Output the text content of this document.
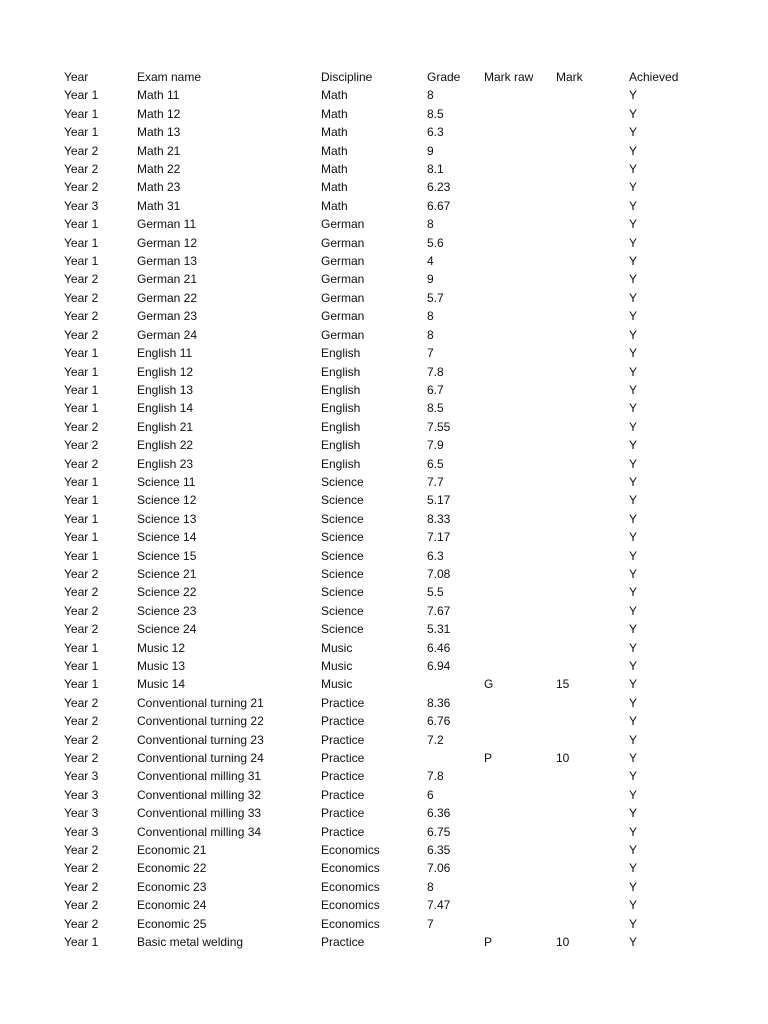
Year	Exam name	Discipline	Grade	Mark raw	Mark	Achieved
Year 1	Math 11	Math	8			Y
Year 1	Math 12	Math	8.5			Y
Year 1	Math 13	Math	6.3			Y
Year 2	Math 21	Math	9			Y
Year 2	Math 22	Math	8.1			Y
Year 2	Math 23	Math	6.23			Y
Year 3	Math 31	Math	6.67			Y
Year 1	German 11	German	8			Y
Year 1	German 12	German	5.6			Y
Year 1	German 13	German	4			Y
Year 2	German 21	German	9			Y
Year 2	German 22	German	5.7			Y
Year 2	German 23	German	8			Y
Year 2	German 24	German	8			Y
Year 1	English 11	English	7			Y
Year 1	English 12	English	7.8			Y
Year 1	English 13	English	6.7			Y
Year 1	English 14	English	8.5			Y
Year 2	English 21	English	7.55			Y
Year 2	English 22	English	7.9			Y
Year 2	English 23	English	6.5			Y
Year 1	Science 11	Science	7.7			Y
Year 1	Science 12	Science	5.17			Y
Year 1	Science 13	Science	8.33			Y
Year 1	Science 14	Science	7.17			Y
Year 1	Science 15	Science	6.3			Y
Year 2	Science 21	Science	7.08			Y
Year 2	Science 22	Science	5.5			Y
Year 2	Science 23	Science	7.67			Y
Year 2	Science 24	Science	5.31			Y
Year 1	Music 12	Music	6.46			Y
Year 1	Music 13	Music	6.94			Y
Year 1	Music 14	Music		G	15	Y
Year 2	Conventional turning 21	Practice	8.36			Y
Year 2	Conventional turning 22	Practice	6.76			Y
Year 2	Conventional turning 23	Practice	7.2			Y
Year 2	Conventional turning 24	Practice		P	10	Y
Year 3	Conventional milling 31	Practice	7.8			Y
Year 3	Conventional milling 32	Practice	6			Y
Year 3	Conventional milling 33	Practice	6.36			Y
Year 3	Conventional milling 34	Practice	6.75			Y
Year 2	Economic 21	Economics	6.35			Y
Year 2	Economic 22	Economics	7.06			Y
Year 2	Economic 23	Economics	8			Y
Year 2	Economic 24	Economics	7.47			Y
Year 2	Economic 25	Economics	7			Y
Year 1	Basic metal welding	Practice		P	10	Y
